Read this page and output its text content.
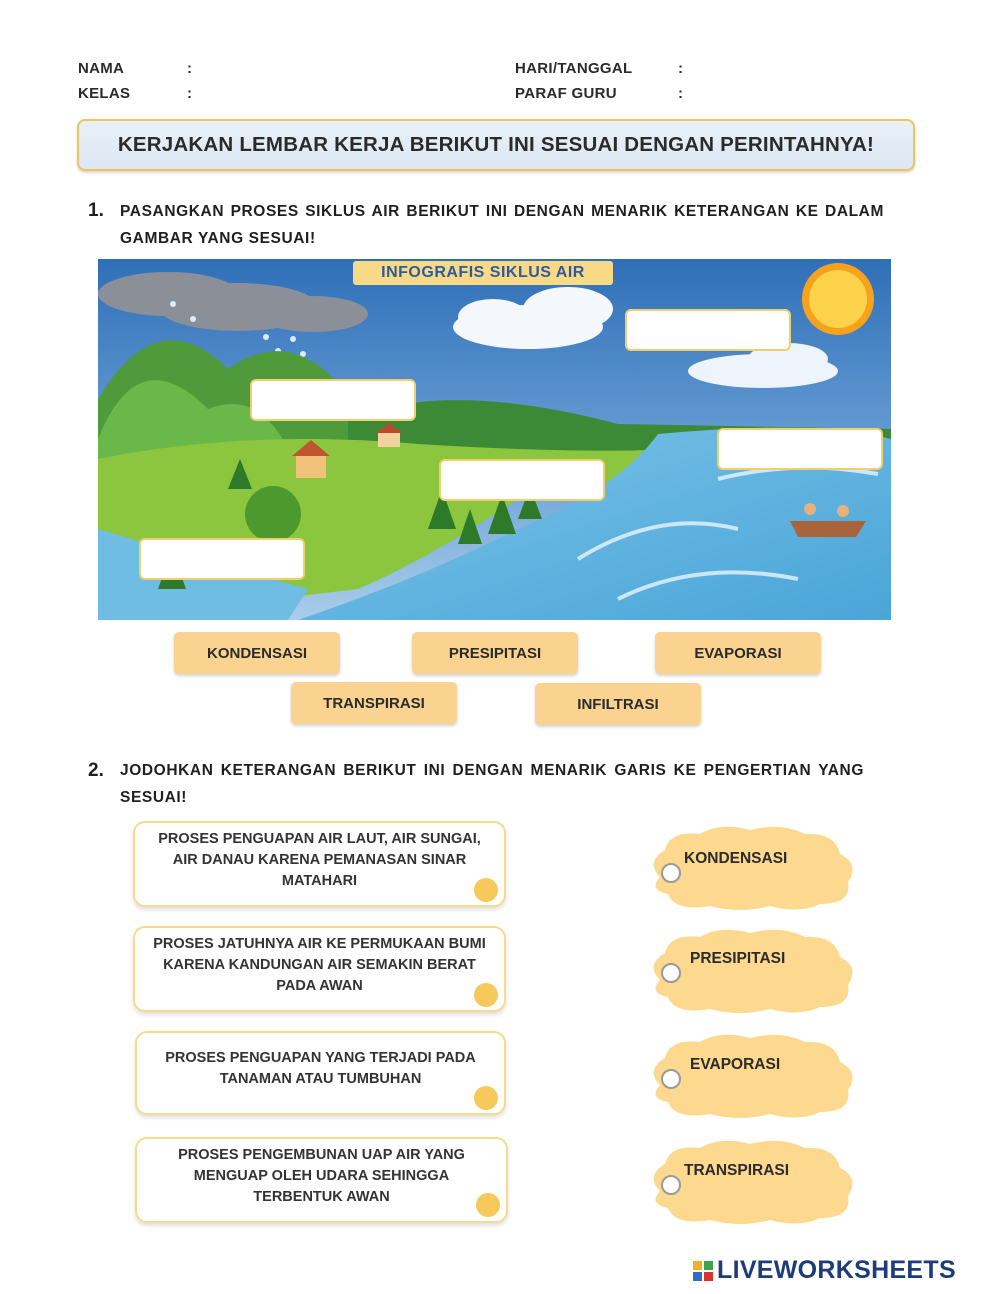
NAMA	:
KELAS	:
HARI/TANGGAL	:
PARAF GURU	:
KERJAKAN LEMBAR KERJA BERIKUT INI SESUAI DENGAN PERINTAHNYA!
1. PASANGKAN PROSES SIKLUS AIR BERIKUT INI DENGAN MENARIK KETERANGAN KE DALAM GAMBAR YANG SESUAI!
INFOGRAFIS SIKLUS AIR
KONDENSASI	PRESIPITASI	EVAPORASI
TRANSPIRASI	INFILTRASI
2. JODOHKAN KETERANGAN BERIKUT INI DENGAN MENARIK GARIS KE PENGERTIAN YANG SESUAI!
PROSES PENGUAPAN AIR LAUT, AIR SUNGAI, AIR DANAU KARENA PEMANASAN SINAR MATAHARI
PROSES JATUHNYA AIR KE PERMUKAAN BUMI KARENA KANDUNGAN AIR SEMAKIN BERAT PADA AWAN
PROSES PENGUAPAN YANG TERJADI PADA TANAMAN ATAU TUMBUHAN
PROSES PENGEMBUNAN UAP AIR YANG MENGUAP OLEH UDARA SEHINGGA TERBENTUK AWAN
KONDENSASI
PRESIPITASI
EVAPORASI
TRANSPIRASI
LIVEWORKSHEETS
